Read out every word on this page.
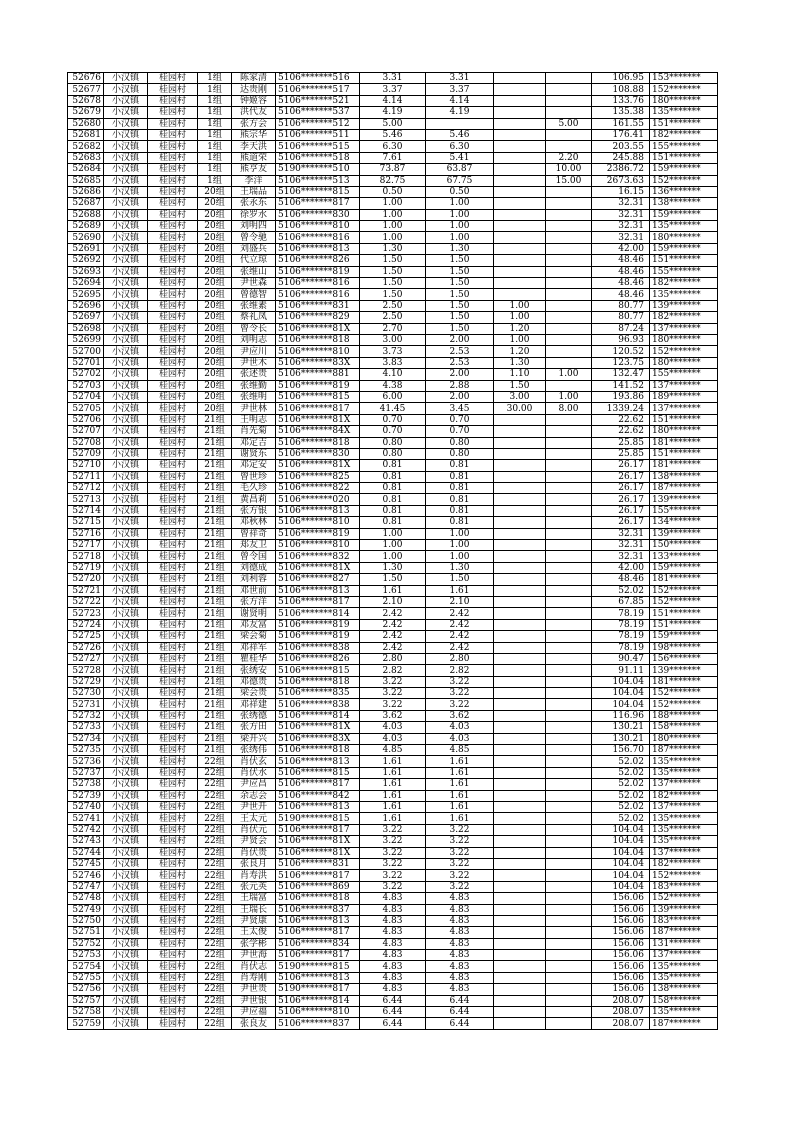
52676	小汉镇	桂园村	1组	陈家清	5106*******516	3.31	3.31			106.95	153*******
52677	小汉镇	桂园村	1组	达贵刚	5106*******517	3.37	3.37			108.88	152*******
52678	小汉镇	桂园村	1组	钟姬容	5106*******521	4.14	4.14			133.76	180*******
52679	小汉镇	桂园村	1组	洪代友	5106*******537	4.19	4.19			135.38	135*******
52680	小汉镇	桂园村	1组	张方会	5106*******512	5.00			5.00	161.55	151*******
52681	小汉镇	桂园村	1组	熊宗华	5106*******511	5.46	5.46			176.41	182*******
52682	小汉镇	桂园村	1组	李天洪	5106*******515	6.30	6.30			203.55	155*******
52683	小汉镇	桂园村	1组	熊道荣	5106*******518	7.61	5.41		2.20	245.88	151*******
52684	小汉镇	桂园村	1组	熊亨友	5190*******510	73.87	63.87		10.00	2386.72	159*******
52685	小汉镇	桂园村	1组	李洋	5106*******513	82.75	67.75		15.00	2673.63	152*******
52686	小汉镇	桂园村	20组	王瑞品	5106*******815	0.50	0.50			16.15	136*******
52687	小汉镇	桂园村	20组	张永东	5106*******817	1.00	1.00			32.31	138*******
52688	小汉镇	桂园村	20组	徐罗水	5106*******830	1.00	1.00			32.31	159*******
52689	小汉镇	桂园村	20组	刘明四	5106*******810	1.00	1.00			32.31	135*******
52690	小汉镇	桂园村	20组	曾令驰	5106*******816	1.00	1.00			32.31	180*******
52691	小汉镇	桂园村	20组	刘盛兵	5106*******813	1.30	1.30			42.00	159*******
52692	小汉镇	桂园村	20组	代立琼	5106*******826	1.50	1.50			48.46	151*******
52693	小汉镇	桂园村	20组	张维山	5106*******819	1.50	1.50			48.46	155*******
52694	小汉镇	桂园村	20组	尹世森	5106*******816	1.50	1.50			48.46	182*******
52695	小汉镇	桂园村	20组	曾德智	5106*******816	1.50	1.50			48.46	135*******
52696	小汉镇	桂园村	20组	张维素	5106*******831	2.50	1.50	1.00		80.77	139*******
52697	小汉镇	桂园村	20组	蔡礼凤	5106*******829	2.50	1.50	1.00		80.77	182*******
52698	小汉镇	桂园村	20组	曾令长	5106*******81X	2.70	1.50	1.20		87.24	137*******
52699	小汉镇	桂园村	20组	刘明志	5106*******818	3.00	2.00	1.00		96.93	180*******
52700	小汉镇	桂园村	20组	尹应川	5106*******810	3.73	2.53	1.20		120.52	152*******
52701	小汉镇	桂园村	20组	尹世木	5106*******83X	3.83	2.53	1.30		123.75	180*******
52702	小汉镇	桂园村	20组	张述贵	5106*******881	4.10	2.00	1.10	1.00	132.47	155*******
52703	小汉镇	桂园村	20组	张维勤	5106*******819	4.38	2.88	1.50		141.52	137*******
52704	小汉镇	桂园村	20组	张维明	5106*******815	6.00	2.00	3.00	1.00	193.86	189*******
52705	小汉镇	桂园村	20组	尹世林	5106*******817	41.45	3.45	30.00	8.00	1339.24	137*******
52706	小汉镇	桂园村	21组	王明志	5106*******81X	0.70	0.70			22.62	151*******
52707	小汉镇	桂园村	21组	肖先菊	5106*******84X	0.70	0.70			22.62	180*******
52708	小汉镇	桂园村	21组	邓定吉	5106*******818	0.80	0.80			25.85	181*******
52709	小汉镇	桂园村	21组	谢贤东	5106*******830	0.80	0.80			25.85	151*******
52710	小汉镇	桂园村	21组	邓定安	5106*******81X	0.81	0.81			26.17	181*******
52711	小汉镇	桂园村	21组	曾世珍	5106*******825	0.81	0.81			26.17	138*******
52712	小汉镇	桂园村	21组	毛久珍	5106*******822	0.81	0.81			26.17	187*******
52713	小汉镇	桂园村	21组	黄昌莉	5106*******020	0.81	0.81			26.17	139*******
52714	小汉镇	桂园村	21组	张方银	5106*******813	0.81	0.81			26.17	155*******
52715	小汉镇	桂园村	21组	邓秋林	5106*******810	0.81	0.81			26.17	134*******
52716	小汉镇	桂园村	21组	曾祥奇	5106*******819	1.00	1.00			32.31	139*******
52717	小汉镇	桂园村	21组	郑友卫	5106*******810	1.00	1.00			32.31	150*******
52718	小汉镇	桂园村	21组	曾令国	5106*******832	1.00	1.00			32.31	133*******
52719	小汉镇	桂园村	21组	刘德成	5106*******81X	1.30	1.30			42.00	159*******
52720	小汉镇	桂园村	21组	刘利蓉	5106*******827	1.50	1.50			48.46	181*******
52721	小汉镇	桂园村	21组	邓世前	5106*******813	1.61	1.61			52.02	152*******
52722	小汉镇	桂园村	21组	张方洋	5106*******817	2.10	2.10			67.85	152*******
52723	小汉镇	桂园村	21组	谢贤明	5106*******814	2.42	2.42			78.19	151*******
52724	小汉镇	桂园村	21组	邓友富	5106*******819	2.42	2.42			78.19	151*******
52725	小汉镇	桂园村	21组	梁会菊	5106*******819	2.42	2.42			78.19	159*******
52726	小汉镇	桂园村	21组	邓祥军	5106*******838	2.42	2.42			78.19	198*******
52727	小汉镇	桂园村	21组	瞿桂华	5106*******826	2.80	2.80			90.47	156*******
52728	小汉镇	桂园村	21组	张绣安	5106*******815	2.82	2.82			91.11	139*******
52729	小汉镇	桂园村	21组	邓德贵	5106*******818	3.22	3.22			104.04	181*******
52730	小汉镇	桂园村	21组	梁会贵	5106*******835	3.22	3.22			104.04	152*******
52731	小汉镇	桂园村	21组	邓祥建	5106*******838	3.22	3.22			104.04	152*******
52732	小汉镇	桂园村	21组	张绣德	5106*******814	3.62	3.62			116.96	188*******
52733	小汉镇	桂园村	21组	张方田	5106*******81X	4.03	4.03			130.21	158*******
52734	小汉镇	桂园村	21组	梁开兴	5106*******83X	4.03	4.03			130.21	180*******
52735	小汉镇	桂园村	21组	张绣伟	5106*******818	4.85	4.85			156.70	187*******
52736	小汉镇	桂园村	22组	肖伏玄	5106*******813	1.61	1.61			52.02	135*******
52737	小汉镇	桂园村	22组	肖伏水	5106*******815	1.61	1.61			52.02	135*******
52738	小汉镇	桂园村	22组	尹应昌	5106*******817	1.61	1.61			52.02	137*******
52739	小汉镇	桂园村	22组	余志会	5106*******842	1.61	1.61			52.02	182*******
52740	小汉镇	桂园村	22组	尹世开	5106*******813	1.61	1.61			52.02	137*******
52741	小汉镇	桂园村	22组	王太元	5190*******815	1.61	1.61			52.02	135*******
52742	小汉镇	桂园村	22组	肖伏元	5106*******817	3.22	3.22			104.04	135*******
52743	小汉镇	桂园村	22组	尹贤会	5106*******81X	3.22	3.22			104.04	135*******
52744	小汉镇	桂园村	22组	肖伏贵	5106*******81X	3.22	3.22			104.04	137*******
52745	小汉镇	桂园村	22组	张良月	5106*******831	3.22	3.22			104.04	182*******
52746	小汉镇	桂园村	22组	肖寿洪	5106*******817	3.22	3.22			104.04	152*******
52747	小汉镇	桂园村	22组	张元英	5106*******869	3.22	3.22			104.04	183*******
52748	小汉镇	桂园村	22组	王瑞富	5106*******818	4.83	4.83			156.06	152*******
52749	小汉镇	桂园村	22组	王瑞长	5106*******837	4.83	4.83			156.06	139*******
52750	小汉镇	桂园村	22组	尹贤康	5106*******813	4.83	4.83			156.06	183*******
52751	小汉镇	桂园村	22组	王太俊	5106*******817	4.83	4.83			156.06	187*******
52752	小汉镇	桂园村	22组	张学彬	5106*******834	4.83	4.83			156.06	131*******
52753	小汉镇	桂园村	22组	尹世海	5106*******817	4.83	4.83			156.06	137*******
52754	小汉镇	桂园村	22组	肖伏志	5190*******815	4.83	4.83			156.06	135*******
52755	小汉镇	桂园村	22组	肖寿刚	5106*******813	4.83	4.83			156.06	135*******
52756	小汉镇	桂园村	22组	尹世贵	5190*******817	4.83	4.83			156.06	138*******
52757	小汉镇	桂园村	22组	尹世银	5106*******814	6.44	6.44			208.07	158*******
52758	小汉镇	桂园村	22组	尹应福	5106*******810	6.44	6.44			208.07	135*******
52759	小汉镇	桂园村	22组	张良友	5106*******837	6.44	6.44			208.07	187*******
